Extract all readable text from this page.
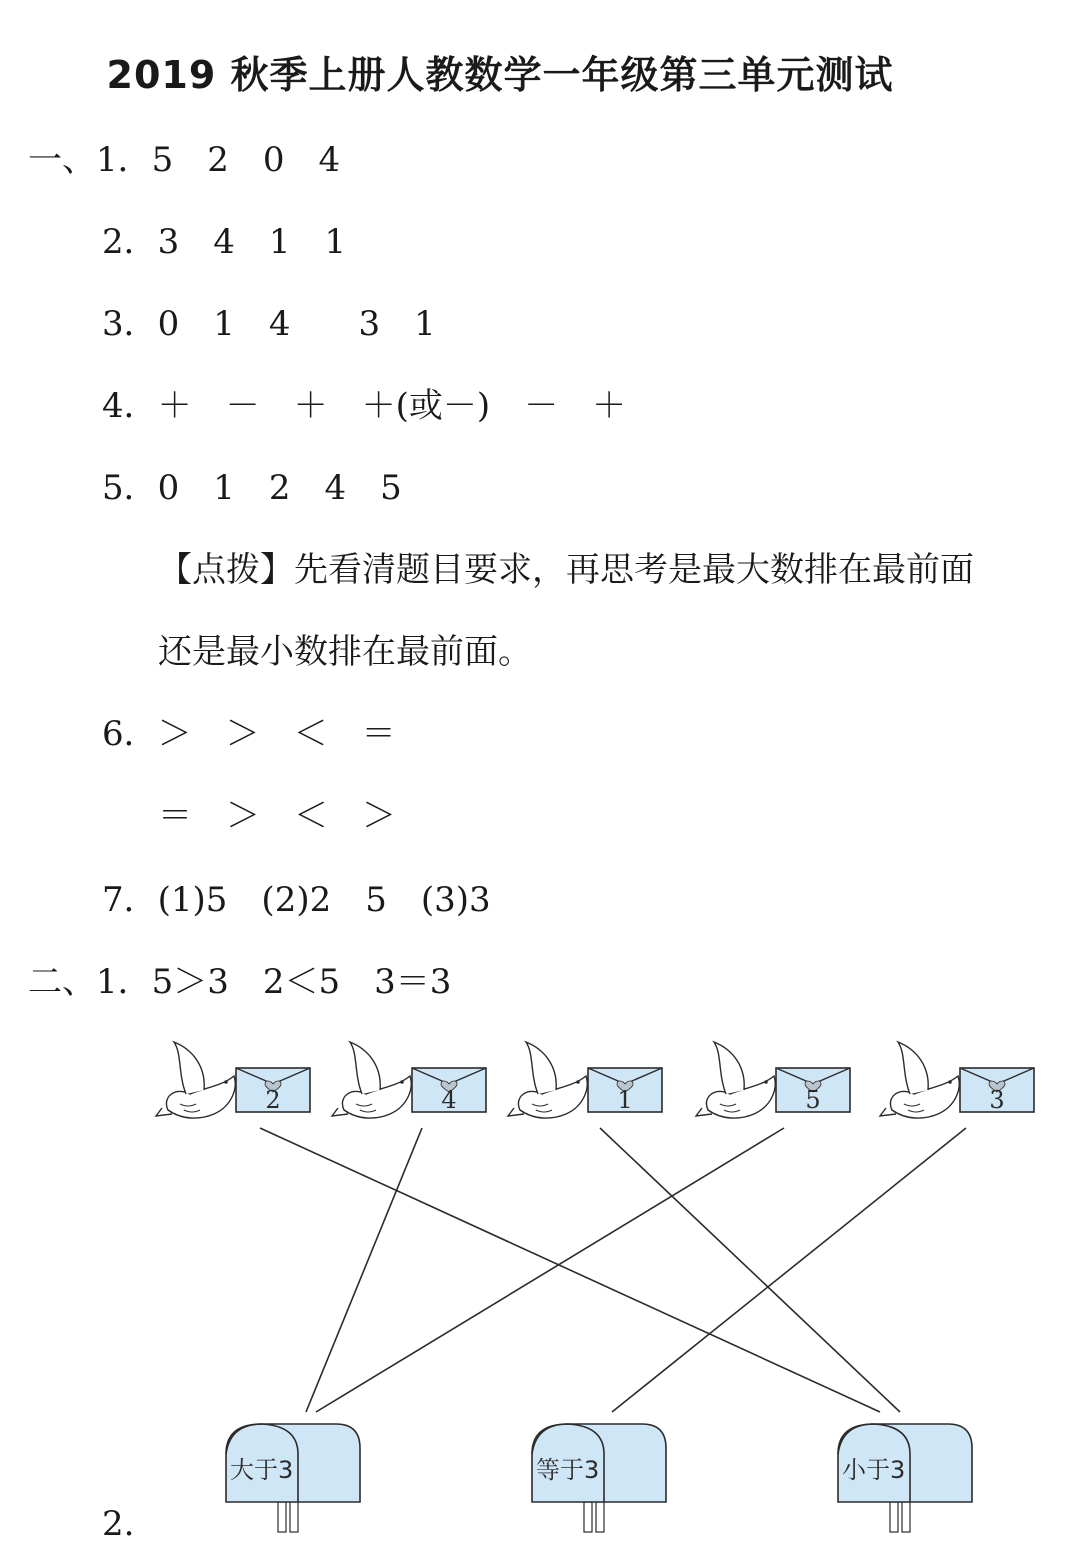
2019 秋季上册人教数学一年级第三单元测试
一、1．5　2　0　4
2．3　4　1　1
3．0　1　4　　3　1
4．＋　－　＋　＋(或－)　－　＋
5．0　1　2　4　5
【点拨】先看清题目要求，再思考是最大数排在最前面
还是最小数排在最前面。
6．＞　＞　＜　＝
＝　＞　＜　＞
7．(1)5　(2)2　5　(3)3
二、1．5＞3　2＜5　3＝3
2.
2	4	1	5	3
大于3	等于3	小于3
